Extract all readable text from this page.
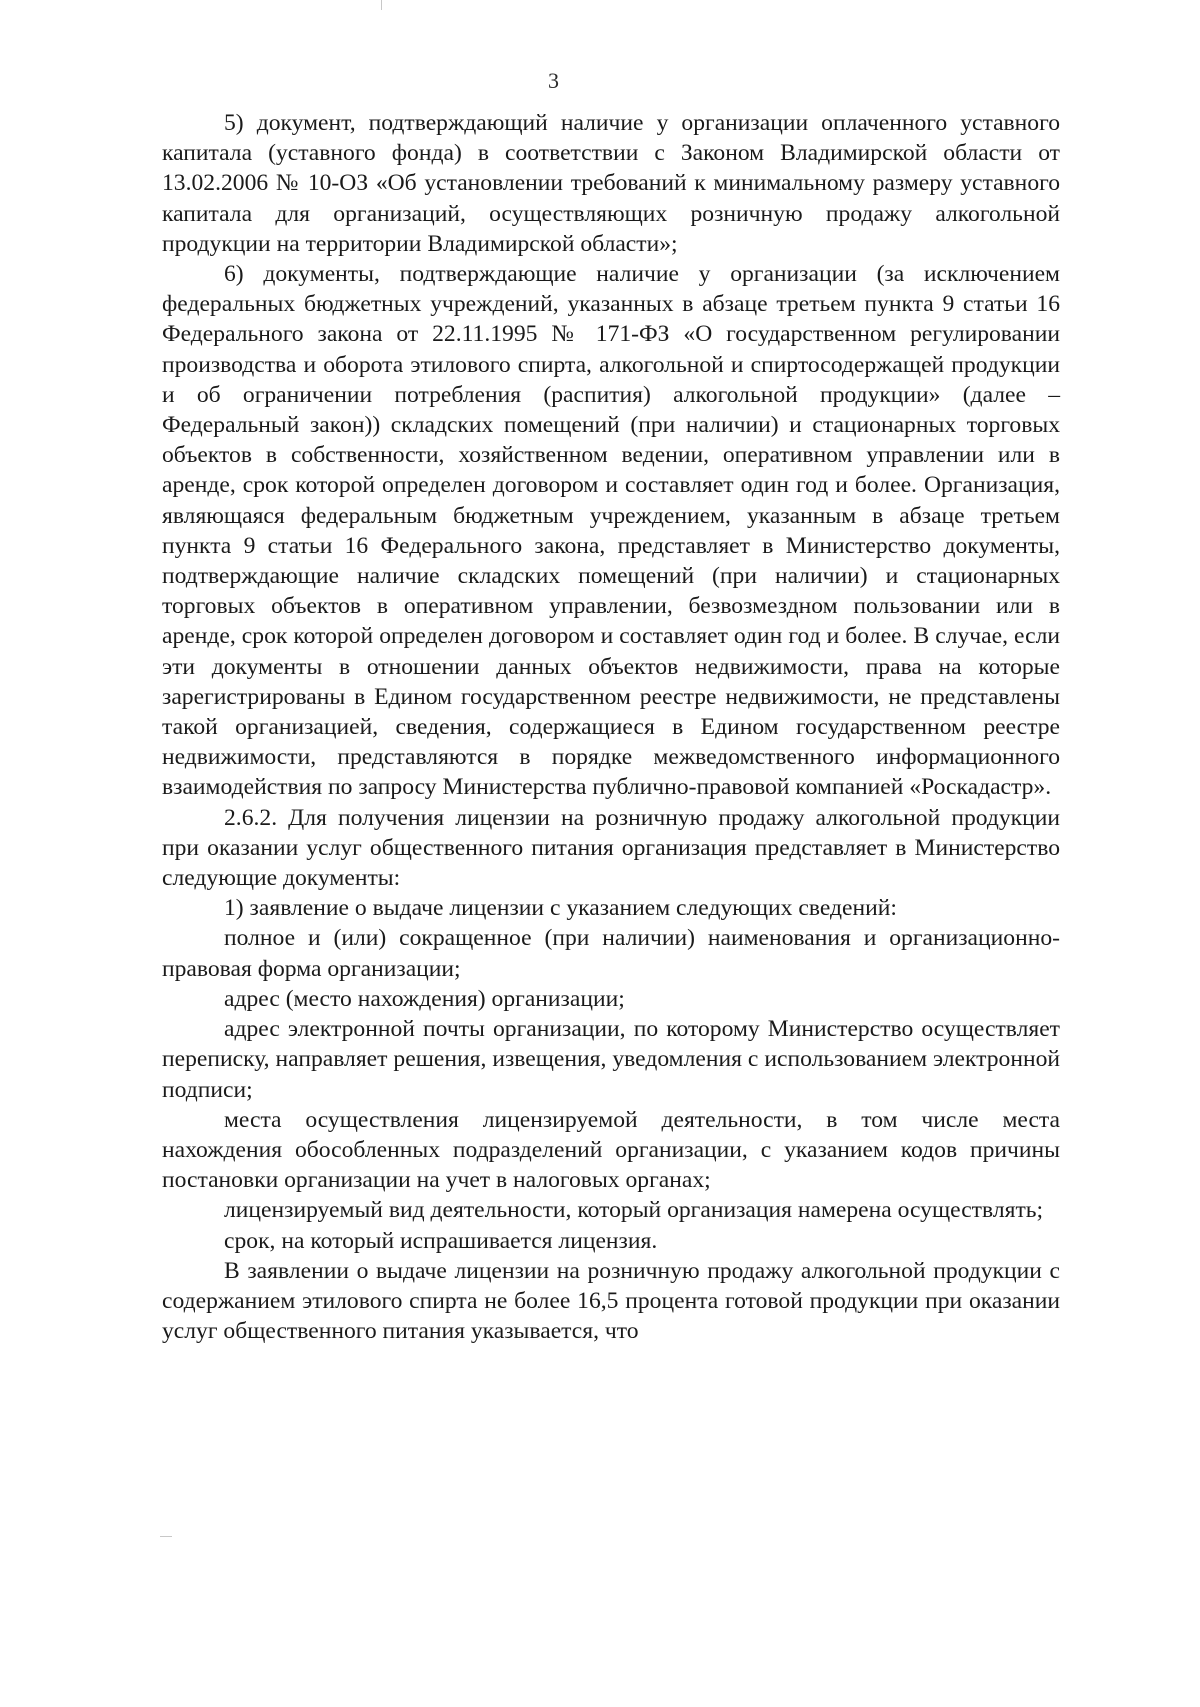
3

5) документ, подтверждающий наличие у организации оплаченного уставного капитала (уставного фонда) в соответствии с Законом Владимирской области от 13.02.2006 № 10-ОЗ «Об установлении требований к минимальному размеру уставного капитала для организаций, осуществляющих розничную продажу алкогольной продукции на территории Владимирской области»;

6) документы, подтверждающие наличие у организации (за исключением федеральных бюджетных учреждений, указанных в абзаце третьем пункта 9 статьи 16 Федерального закона от 22.11.1995 № 171-ФЗ «О государственном регулировании производства и оборота этилового спирта, алкогольной и спиртосодержащей продукции и об ограничении потребления (распития) алкогольной продукции» (далее – Федеральный закон)) складских помещений (при наличии) и стационарных торговых объектов в собственности, хозяйственном ведении, оперативном управлении или в аренде, срок которой определен договором и составляет один год и более. Организация, являющаяся федеральным бюджетным учреждением, указанным в абзаце третьем пункта 9 статьи 16 Федерального закона, представляет в Министерство документы, подтверждающие наличие складских помещений (при наличии) и стационарных торговых объектов в оперативном управлении, безвозмездном пользовании или в аренде, срок которой определен договором и составляет один год и более. В случае, если эти документы в отношении данных объектов недвижимости, права на которые зарегистрированы в Едином государственном реестре недвижимости, не представлены такой организацией, сведения, содержащиеся в Едином государственном реестре недвижимости, представляются в порядке межведомственного информационного взаимодействия по запросу Министерства публично-правовой компанией «Роскадастр».

2.6.2. Для получения лицензии на розничную продажу алкогольной продукции при оказании услуг общественного питания организация представляет в Министерство следующие документы:

1) заявление о выдаче лицензии с указанием следующих сведений:

полное и (или) сокращенное (при наличии) наименования и организационно-правовая форма организации;

адрес (место нахождения) организации;

адрес электронной почты организации, по которому Министерство осуществляет переписку, направляет решения, извещения, уведомления с использованием электронной подписи;

места осуществления лицензируемой деятельности, в том числе места нахождения обособленных подразделений организации, с указанием кодов причины постановки организации на учет в налоговых органах;

лицензируемый вид деятельности, который организация намерена осуществлять;

срок, на который испрашивается лицензия.

В заявлении о выдаче лицензии на розничную продажу алкогольной продукции с содержанием этилового спирта не более 16,5 процента готовой продукции при оказании услуг общественного питания указывается, что
